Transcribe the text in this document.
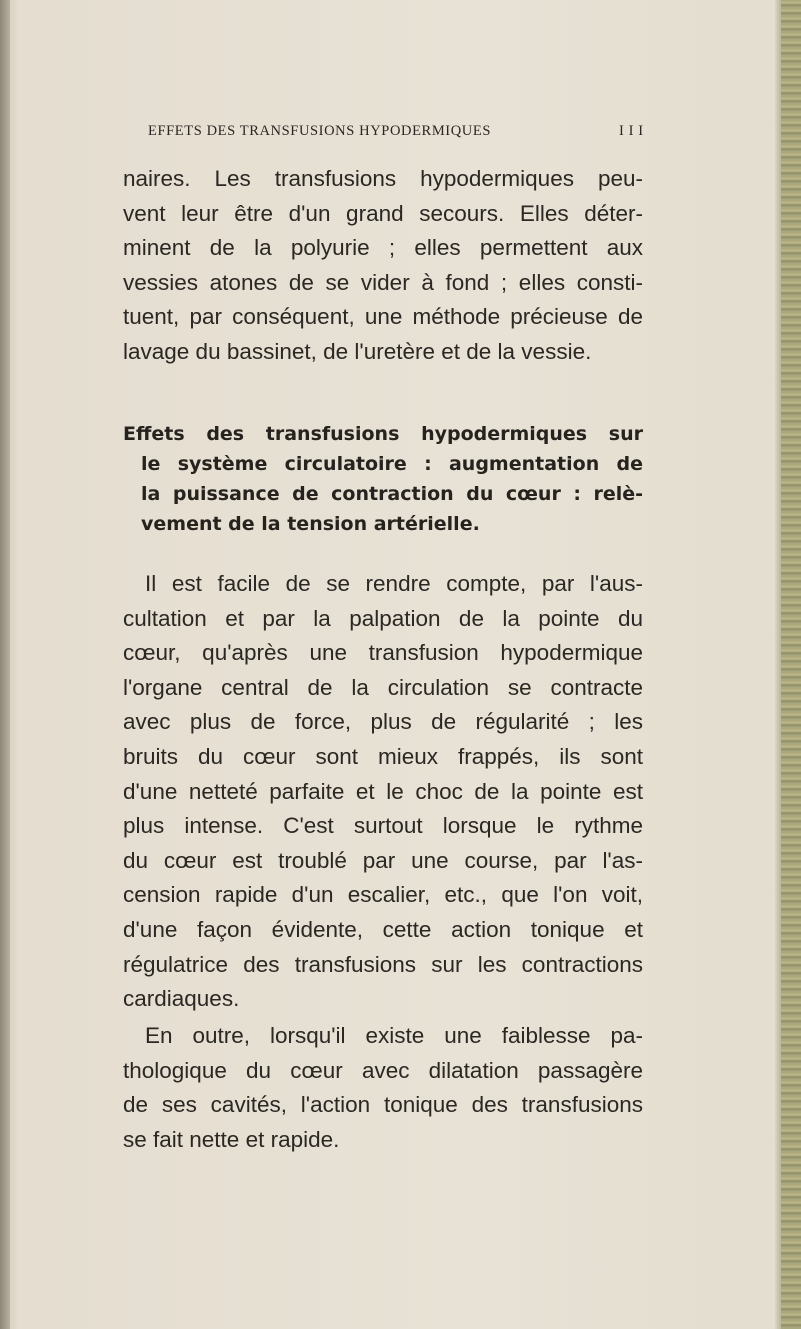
EFFETS DES TRANSFUSIONS HYPODERMIQUES	I I I
naires. Les transfusions hypodermiques peu-
vent leur être d'un grand secours. Elles déter-
minent de la polyurie ; elles permettent aux
vessies atones de se vider à fond ; elles consti-
tuent, par conséquent, une méthode précieuse de
lavage du bassinet, de l'uretère et de la vessie.
Effets des transfusions hypodermiques sur
le système circulatoire : augmentation de
la puissance de contraction du cœur : relè-
vement de la tension artérielle.
Il est facile de se rendre compte, par l'aus-
cultation et par la palpation de la pointe du
cœur, qu'après une transfusion hypodermique
l'organe central de la circulation se contracte
avec plus de force, plus de régularité ; les
bruits du cœur sont mieux frappés, ils sont
d'une netteté parfaite et le choc de la pointe est
plus intense. C'est surtout lorsque le rythme
du cœur est troublé par une course, par l'as-
cension rapide d'un escalier, etc., que l'on voit,
d'une façon évidente, cette action tonique et
régulatrice des transfusions sur les contractions
cardiaques.
En outre, lorsqu'il existe une faiblesse pa-
thologique du cœur avec dilatation passagère
de ses cavités, l'action tonique des transfusions
se fait nette et rapide.
